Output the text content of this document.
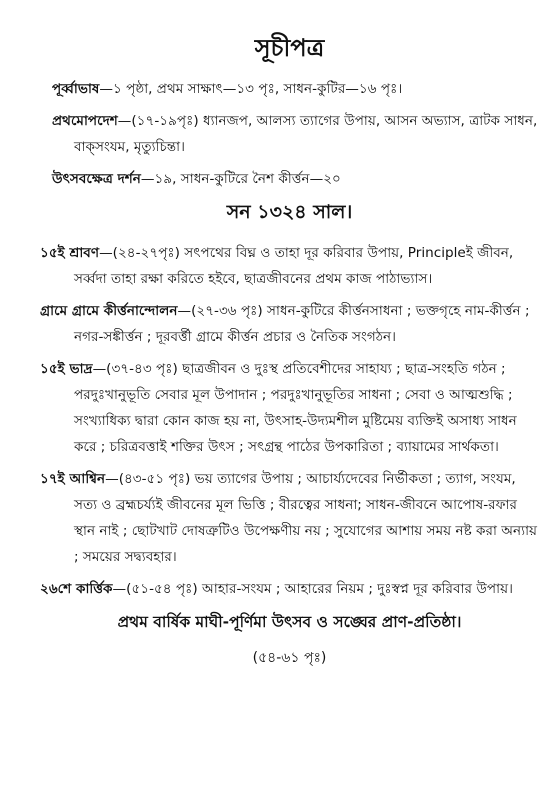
সূচীপত্র
পূর্ব্বাভাষ—১ পৃষ্ঠা, প্রথম সাক্ষাৎ—১৩ পৃঃ, সাধন-কুটির—১৬ পৃঃ।
প্রথমোপদেশ—(১৭-১৯পৃঃ) ধ্যানজপ, আলস্য ত্যাগের উপায়, আসন অভ্যাস, ত্রাটক সাধন, বাক্‌সংযম, মৃত্যুচিন্তা।
উৎসবক্ষেত্র দর্শন—১৯, সাধন-কুটিরে নৈশ কীর্ত্তন—২০
সন ১৩২৪ সাল।
১৫ই শ্রাবণ—(২৪-২৭পৃঃ) সৎপথের বিঘ্ন ও তাহা দূর করিবার উপায়, Principleই জীবন, সর্ব্বদা তাহা রক্ষা করিতে হইবে, ছাত্রজীবনের প্রথম কাজ পাঠাভ্যাস।
গ্রামে গ্রামে কীর্ত্তনান্দোলন—(২৭-৩৬ পৃঃ) সাধন-কুটিরে কীর্ত্তনসাধনা ; ভক্তগৃহে নাম-কীর্ত্তন ; নগর-সঙ্কীর্ত্তন ; দূরবর্ত্তী গ্রামে কীর্ত্তন প্রচার ও নৈতিক সংগঠন।
১৫ই ভাদ্র—(৩৭-৪৩ পৃঃ) ছাত্রজীবন ও দুঃস্থ প্রতিবেশীদের সাহায্য ; ছাত্র-সংহতি গঠন ; পরদুঃখানুভূতি সেবার মূল উপাদান ; পরদুঃখানুভূতির সাধনা ; সেবা ও আত্মশুদ্ধি ; সংখ্যাধিক্য দ্বারা কোন কাজ হয় না, উৎসাহ-উদ্যমশীল মুষ্টিমেয় ব্যক্তিই অসাধ্য সাধন করে ; চরিত্রবত্তাই শক্তির উৎস ; সৎগ্রন্থ পাঠের উপকারিতা ; ব্যায়ামের সার্থকতা।
১৭ই আশ্বিন—(৪৩-৫১ পৃঃ) ভয় ত্যাগের উপায় ; আচার্য্যদেবের নির্ভীকতা ; ত্যাগ, সংযম, সত্য ও ব্রহ্মচর্য্যই জীবনের মূল ভিত্তি ; বীরত্বের সাধনা; সাধন-জীবনে আপোষ-রফার স্থান নাই ; ছোটখাট দোষত্রুটিও উপেক্ষণীয় নয় ; সুযোগের আশায় সময় নষ্ট করা অন্যায় ; সময়ের সদ্ব্যবহার।
২৬শে কার্ত্তিক—(৫১-৫৪ পৃঃ) আহার-সংযম ; আহারের নিয়ম ; দুঃস্বপ্ন দূর করিবার উপায়।
প্রথম বার্ষিক মাঘী-পূর্ণিমা উৎসব ও সঙ্ঘের প্রাণ-প্রতিষ্ঠা।
(৫৪-৬১ পৃঃ)
